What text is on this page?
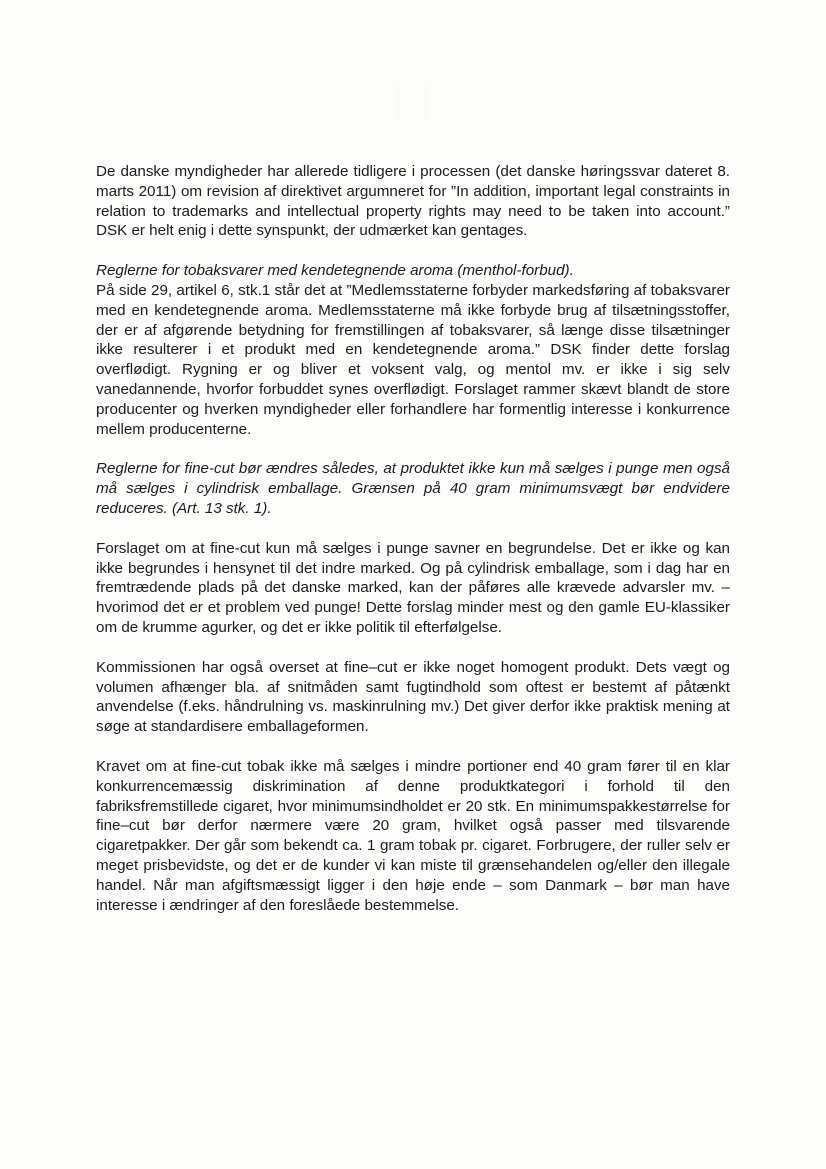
De danske myndigheder har allerede tidligere i processen (det danske høringssvar dateret 8. marts 2011) om revision af direktivet argumneret for ”In addition, important legal constraints in relation to trademarks and intellectual property rights may need to be taken into account.” DSK er helt enig i dette synspunkt, der udmærket kan gentages.

Reglerne for tobaksvarer med kendetegnende aroma (menthol-forbud).

På side 29, artikel 6, stk.1 står det at ”Medlemsstaterne forbyder markedsføring af tobaksvarer med en kendetegnende aroma. Medlemsstaterne må ikke forbyde brug af tilsætningsstoffer, der er af afgørende betydning for fremstillingen af tobaksvarer, så længe disse tilsætninger ikke resulterer i et produkt med en kendetegnende aroma.” DSK finder dette forslag overflødigt. Rygning er og bliver et voksent valg, og mentol mv. er ikke i sig selv vanedannende, hvorfor forbuddet synes overflødigt. Forslaget rammer skævt blandt de store producenter og hverken myndigheder eller forhandlere har formentlig interesse i konkurrence mellem producenterne.

Reglerne for fine-cut bør ændres således, at produktet ikke kun må sælges i punge men også må sælges i cylindrisk emballage. Grænsen på 40 gram minimumsvægt bør endvidere reduceres. (Art. 13 stk. 1).

Forslaget om at fine-cut kun må sælges i punge savner en begrundelse. Det er ikke og kan ikke begrundes i hensynet til det indre marked. Og på cylindrisk emballage, som i dag har en fremtrædende plads på det danske marked, kan der påføres alle krævede advarsler mv. – hvorimod det er et problem ved punge! Dette forslag minder mest og den gamle EU-klassiker om de krumme agurker, og det er ikke politik til efterfølgelse.

Kommissionen har også overset at fine–cut er ikke noget homogent produkt. Dets vægt og volumen afhænger bla. af snitmåden samt fugtindhold som oftest er bestemt af påtænkt anvendelse (f.eks. håndrulning vs. maskinrulning mv.) Det giver derfor ikke praktisk mening at søge at standardisere emballageformen.

Kravet om at fine-cut tobak ikke må sælges i mindre portioner end 40 gram fører til en klar konkurrencemæssig diskrimination af denne produktkategori i forhold til den fabriksfremstillede cigaret, hvor minimumsindholdet er 20 stk. En minimumspakkestørrelse for fine–cut bør derfor nærmere være 20 gram, hvilket også passer med tilsvarende cigaretpakker. Der går som bekendt ca. 1 gram tobak pr. cigaret. Forbrugere, der ruller selv er meget prisbevidste, og det er de kunder vi kan miste til grænsehandelen og/eller den illegale handel. Når man afgiftsmæssigt ligger i den høje ende – som Danmark – bør man have interesse i ændringer af den foreslåede bestemmelse.
